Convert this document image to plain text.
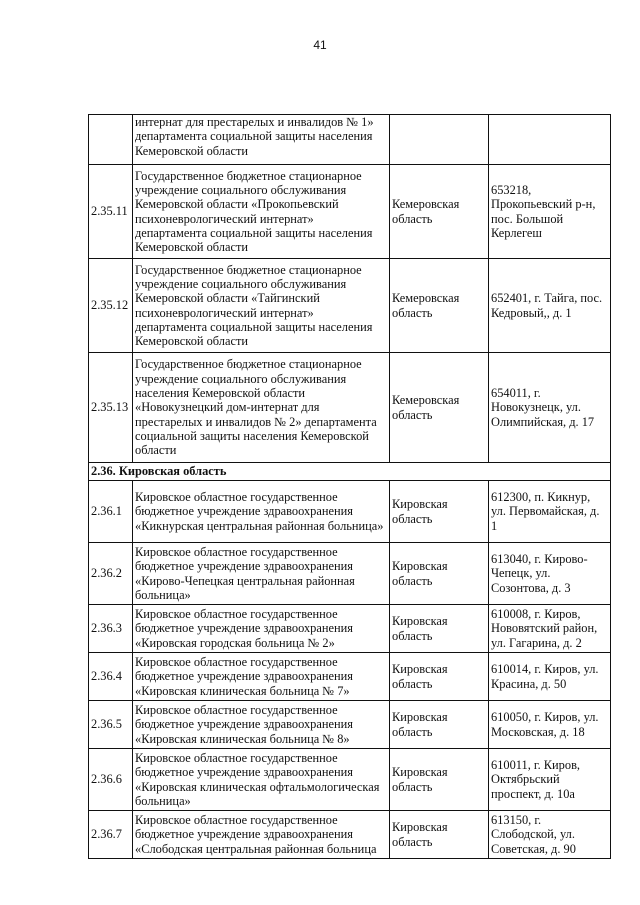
41
	интернат для престарелых и инвалидов № 1» департамента социальной защиты населения Кемеровской области		
2.35.11	Государственное бюджетное стационарное учреждение социального обслуживания Кемеровской области «Прокопьевский психоневрологический интернат» департамента социальной защиты населения Кемеровской области	Кемеровская область	653218, Прокопьевский р-н, пос. Большой Керлегеш
2.35.12	Государственное бюджетное стационарное учреждение социального обслуживания Кемеровской области «Тайгинский психоневрологический интернат» департамента социальной защиты населения Кемеровской области	Кемеровская область	652401, г. Тайга, пос. Кедровый,, д. 1
2.35.13	Государственное бюджетное стационарное учреждение социального обслуживания населения Кемеровской области «Новокузнецкий дом-интернат для престарелых и инвалидов № 2» департамента социальной защиты населения Кемеровской области	Кемеровская область	654011, г. Новокузнецк, ул. Олимпийская, д. 17
2.36. Кировская область			
2.36.1	Кировское областное государственное бюджетное учреждение здравоохранения «Кикнурская центральная районная больница»	Кировская область	612300, п. Кикнур, ул. Первомайская, д. 1
2.36.2	Кировское областное государственное бюджетное учреждение здравоохранения «Кирово-Чепецкая центральная районная больница»	Кировская область	613040, г. Кирово-Чепецк, ул. Созонтова, д. 3
2.36.3	Кировское областное государственное бюджетное учреждение здравоохранения «Кировская городская больница № 2»	Кировская область	610008, г. Киров, Нововятский район, ул. Гагарина, д. 2
2.36.4	Кировское областное государственное бюджетное учреждение здравоохранения «Кировская клиническая больница № 7»	Кировская область	610014, г. Киров, ул. Красина, д. 50
2.36.5	Кировское областное государственное бюджетное учреждение здравоохранения «Кировская клиническая больница № 8»	Кировская область	610050, г. Киров, ул. Московская, д. 18
2.36.6	Кировское областное государственное бюджетное учреждение здравоохранения «Кировская клиническая офтальмологическая больница»	Кировская область	610011, г. Киров, Октябрьский проспект, д. 10а
2.36.7	Кировское областное государственное бюджетное учреждение здравоохранения «Слободская центральная районная больница	Кировская область	613150, г. Слободской, ул. Советская, д. 90
